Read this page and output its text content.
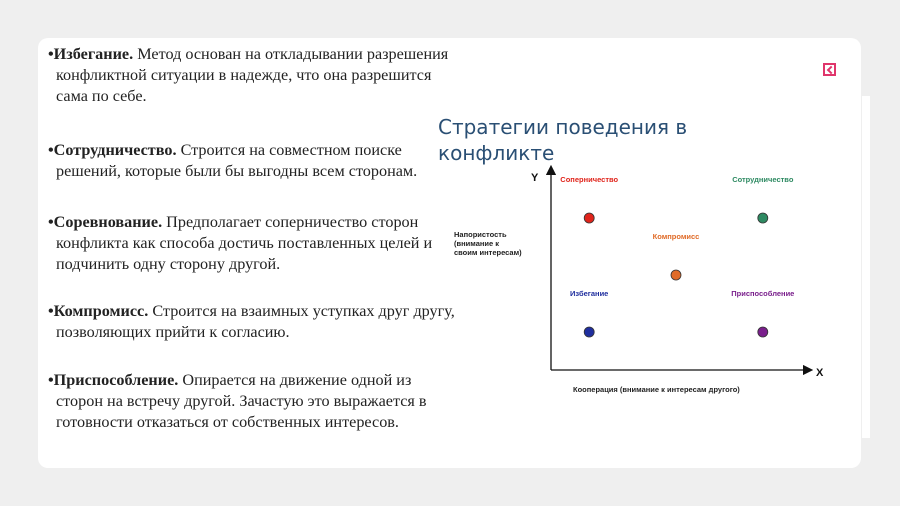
•Избегание. Метод основан на откладывании разрешения конфликтной ситуации в надежде, что она разрешится сама по себе.

•Сотрудничество. Строится на совместном поиске решений, которые были бы выгодны всем сторонам.

•Соревнование. Предполагает соперничество сторон конфликта как способа достичь поставленных целей и подчинить одну сторону другой.

•Компромисс. Строится на взаимных уступках друг другу, позволяющих прийти к согласию.

•Приспособление. Опирается на движение одной из сторон на встречу другой. Зачастую это выражается в готовности отказаться от собственных интересов.

Стратегии поведения в конфликте
Y
X
Кооперация (внимание к интересам другого)
Напористость
(внимание к
своим интересам)
Соперничество	Сотрудничество
Компромисс
Избегание	Приспособление
